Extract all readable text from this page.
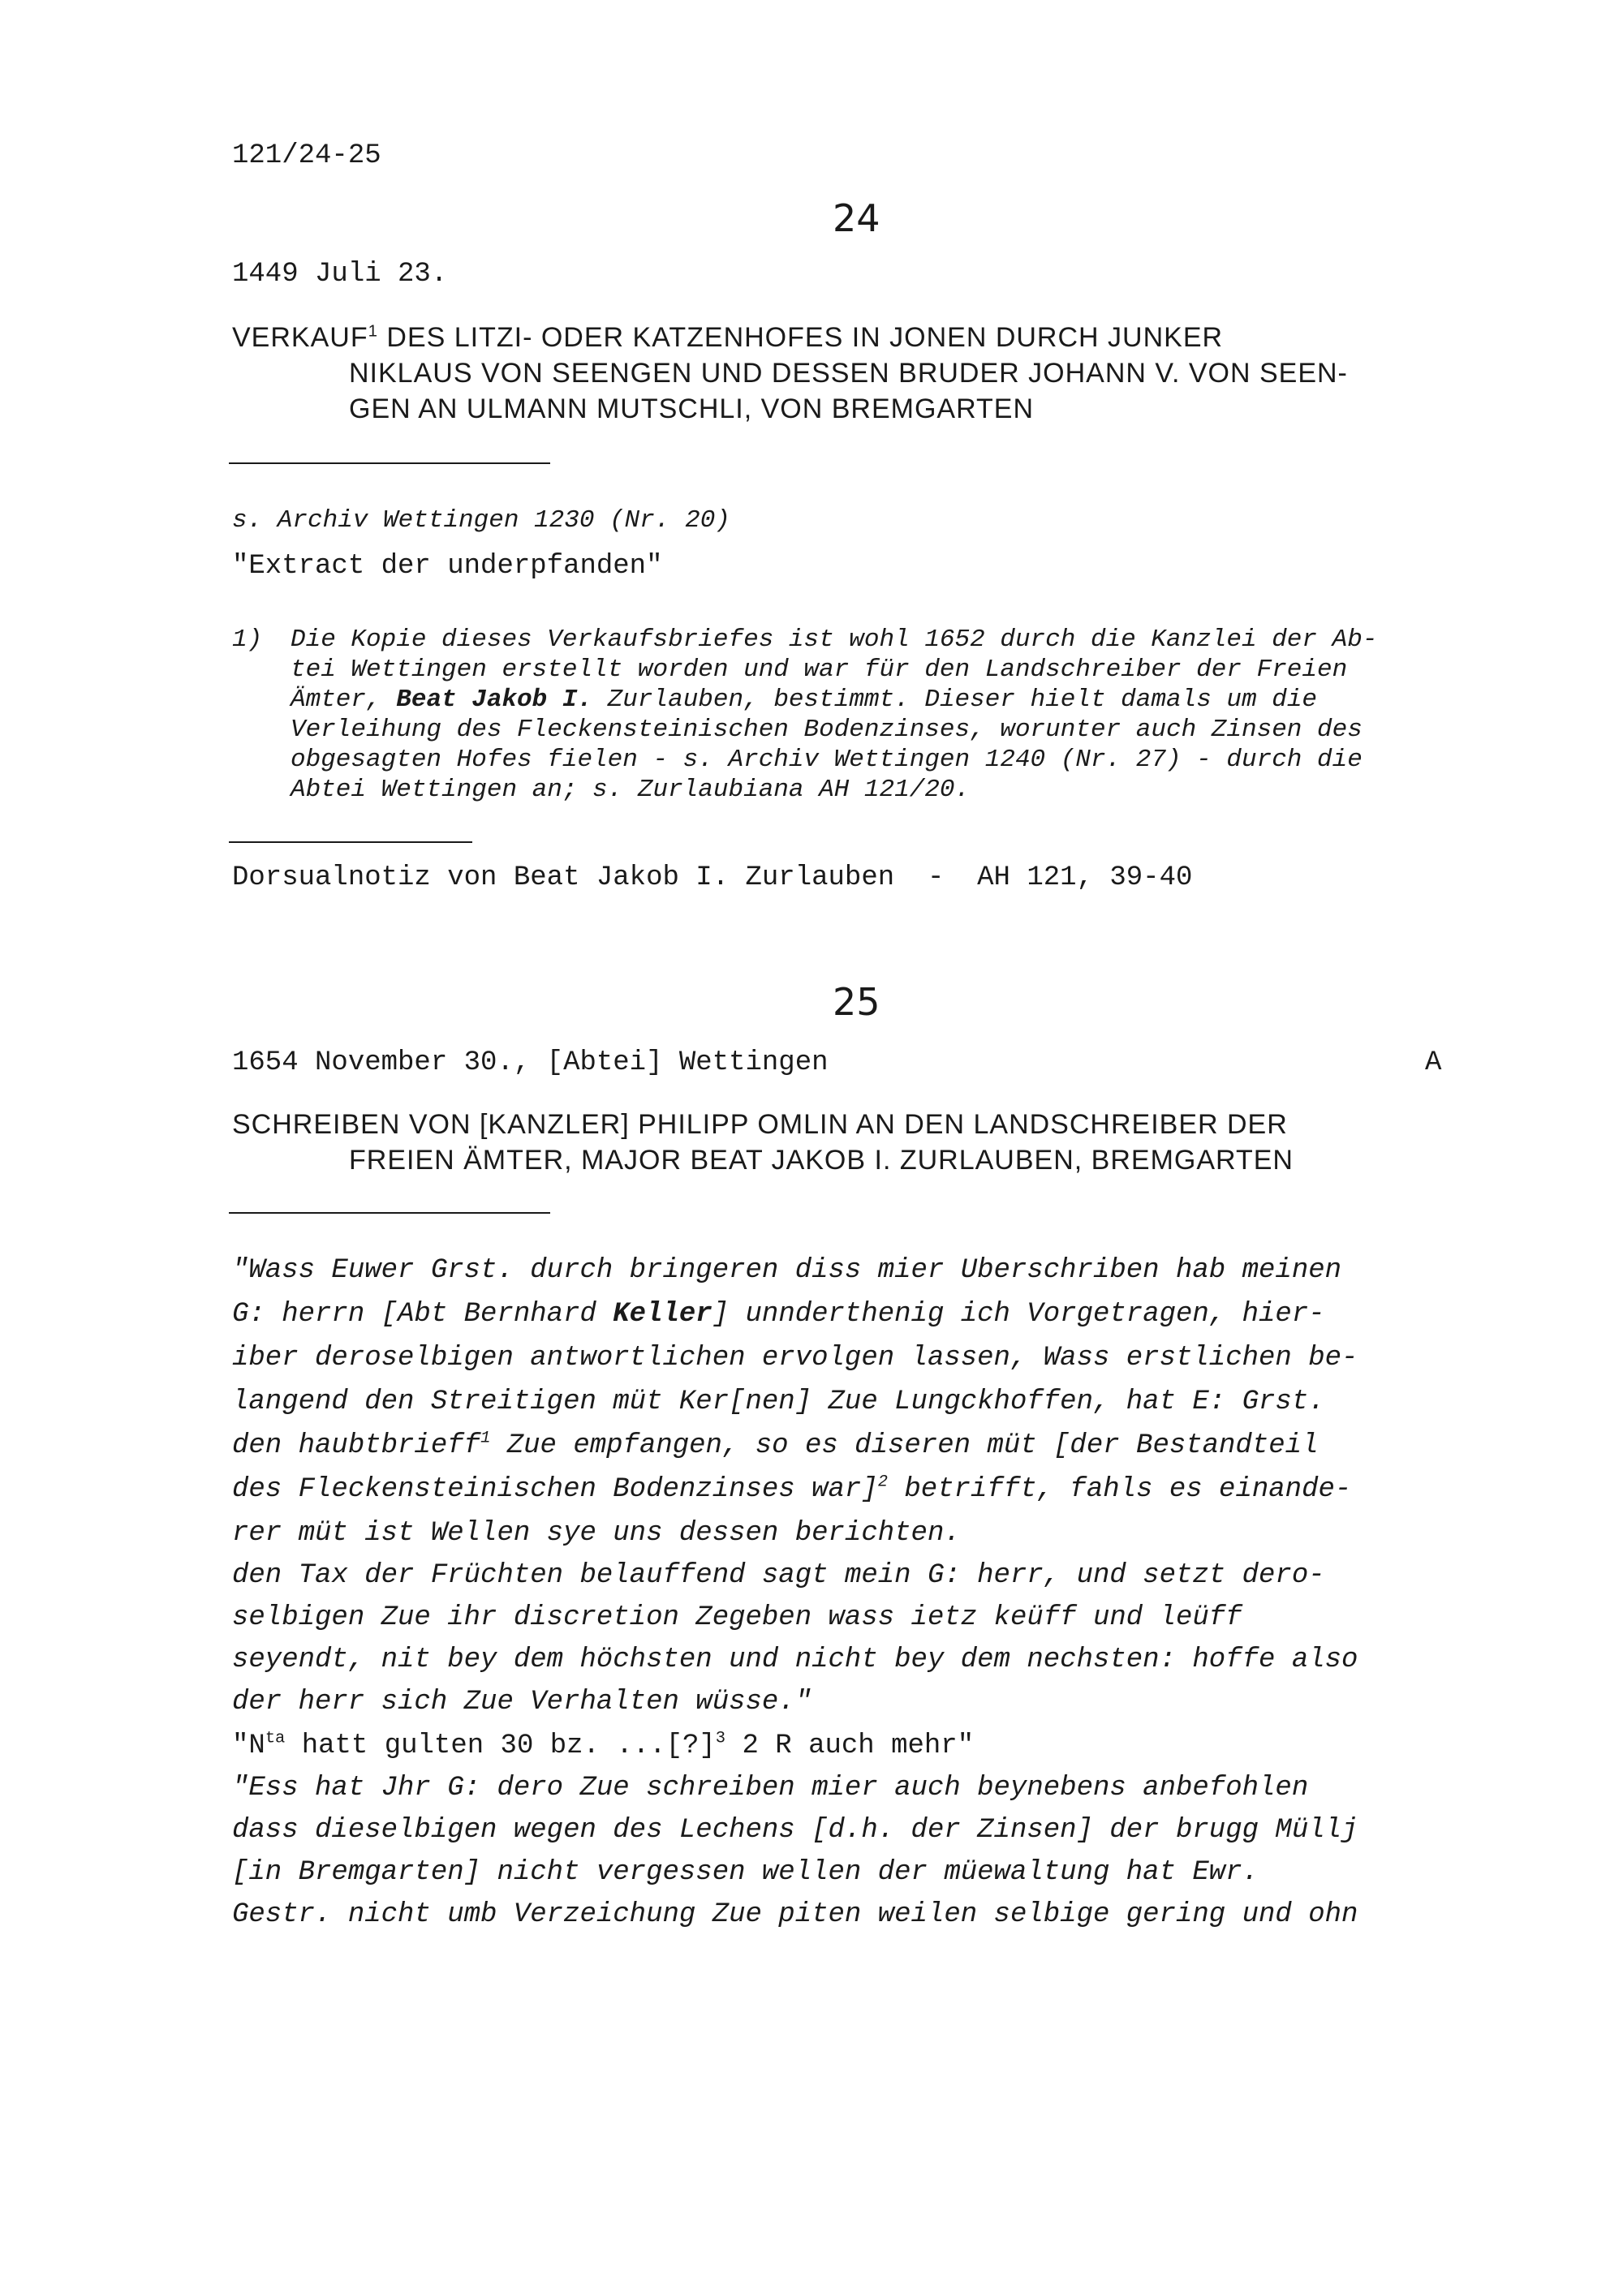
121/24-25
24
1449 Juli 23.
VERKAUF$^1$ DES LITZI- ODER KATZENHOFES IN JONEN DURCH JUNKER
NIKLAUS VON SEENGEN UND DESSEN BRUDER JOHANN V. VON SEEN-
GEN AN ULMANN MUTSCHLI, VON BREMGARTEN
s. Archiv Wettingen 1230 (Nr. 20)
"Extract der underpfanden"
1) Die Kopie dieses Verkaufsbriefes ist wohl 1652 durch die Kanzlei der Ab-
tei Wettingen erstellt worden und war für den Landschreiber der Freien
Ämter, Beat Jakob I. Zurlauben, bestimmt. Dieser hielt damals um die
Verleihung des Fleckensteinischen Bodenzinses, worunter auch Zinsen des
obgesagten Hofes fielen - s. Archiv Wettingen 1240 (Nr. 27) - durch die
Abtei Wettingen an; s. Zurlaubiana AH 121/20.
Dorsualnotiz von Beat Jakob I. Zurlauben  -  AH 121, 39-40
25
1654 November 30., [Abtei] Wettingen	A
SCHREIBEN VON [KANZLER] PHILIPP OMLIN AN DEN LANDSCHREIBER DER
FREIEN ÄMTER, MAJOR BEAT JAKOB I. ZURLAUBEN, BREMGARTEN
"Wass Euwer Grst. durch bringeren diss mier Uberschriben hab meinen
G: herrn [Abt Bernhard Keller] unnderthenig ich Vorgetragen, hier-
iber deroselbigen antwortlichen ervolgen lassen, Wass erstlichen be-
langend den Streitigen müt Ker[nen] Zue Lungckhoffen, hat E: Grst.
den haubtbrieff$^1$ Zue empfangen, so es diseren müt [der Bestandteil
des Fleckensteinischen Bodenzinses war]$^2$ betrifft, fahls es einande-
rer müt ist Wellen sye uns dessen berichten.
den Tax der Früchten belauffend sagt mein G: herr, und setzt dero-
selbigen Zue ihr discretion Zegeben wass ietz keüff und leüff
seyendt, nit bey dem höchsten und nicht bey dem nechsten: hoffe also
der herr sich Zue Verhalten wüsse."
"$N^{ta}$ hatt gulten 30 bz. ...[?]$^3$ 2 R auch mehr"
"Ess hat Jhr G: dero Zue schreiben mier auch beynebens anbefohlen
dass dieselbigen wegen des Lechens [d.h. der Zinsen] der brugg Müllj
[in Bremgarten] nicht vergessen wellen der müewaltung hat Ewr.
Gestr. nicht umb Verzeichung Zue piten weilen selbige gering und ohn
